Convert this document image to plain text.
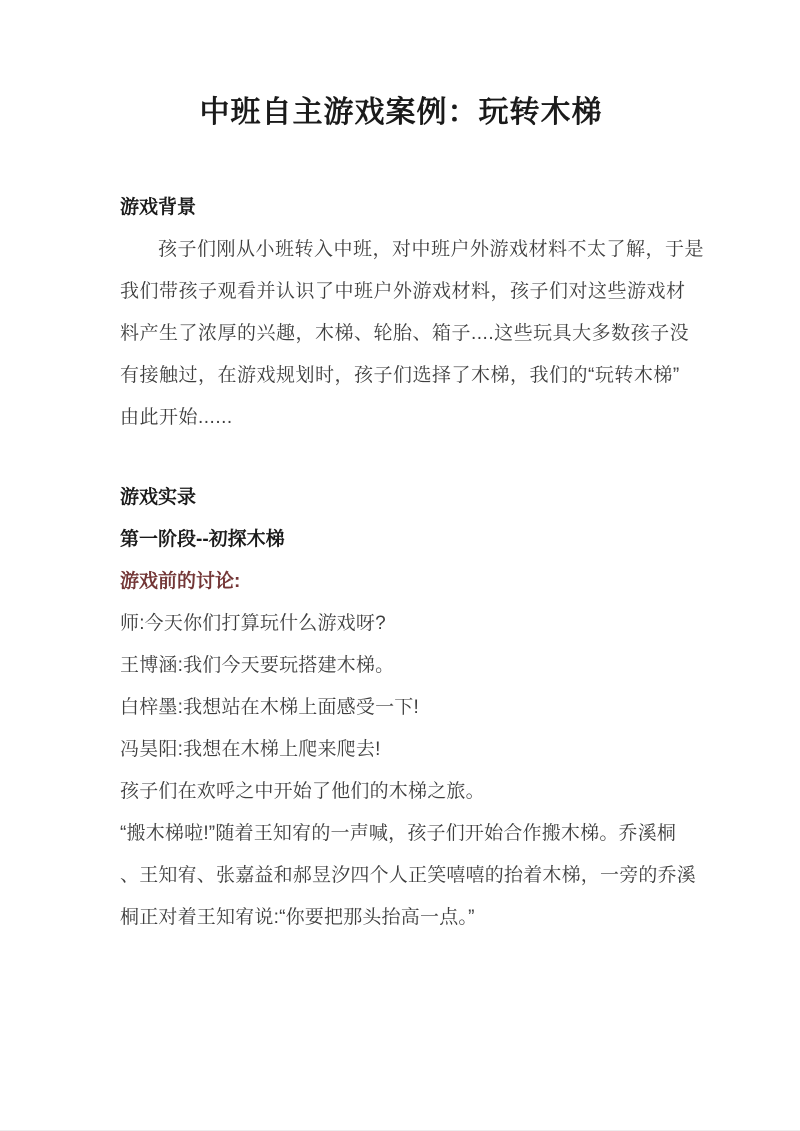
中班自主游戏案例：玩转木梯
游戏背景
孩子们刚从小班转入中班，对中班户外游戏材料不太了解，于是
我们带孩子观看并认识了中班户外游戏材料，孩子们对这些游戏材
料产生了浓厚的兴趣，木梯、轮胎、箱子....这些玩具大多数孩子没
有接触过，在游戏规划时，孩子们选择了木梯，我们的“玩转木梯”
由此开始......
游戏实录
第一阶段--初探木梯
游戏前的讨论:
师:今天你们打算玩什么游戏呀?
王博涵:我们今天要玩搭建木梯。
白梓墨:我想站在木梯上面感受一下!
冯昊阳:我想在木梯上爬来爬去!
孩子们在欢呼之中开始了他们的木梯之旅。
“搬木梯啦!”随着王知宥的一声喊，孩子们开始合作搬木梯。乔溪桐
、王知宥、张嘉益和郝昱汐四个人正笑嘻嘻的抬着木梯，一旁的乔溪
桐正对着王知宥说:“你要把那头抬高一点。”
